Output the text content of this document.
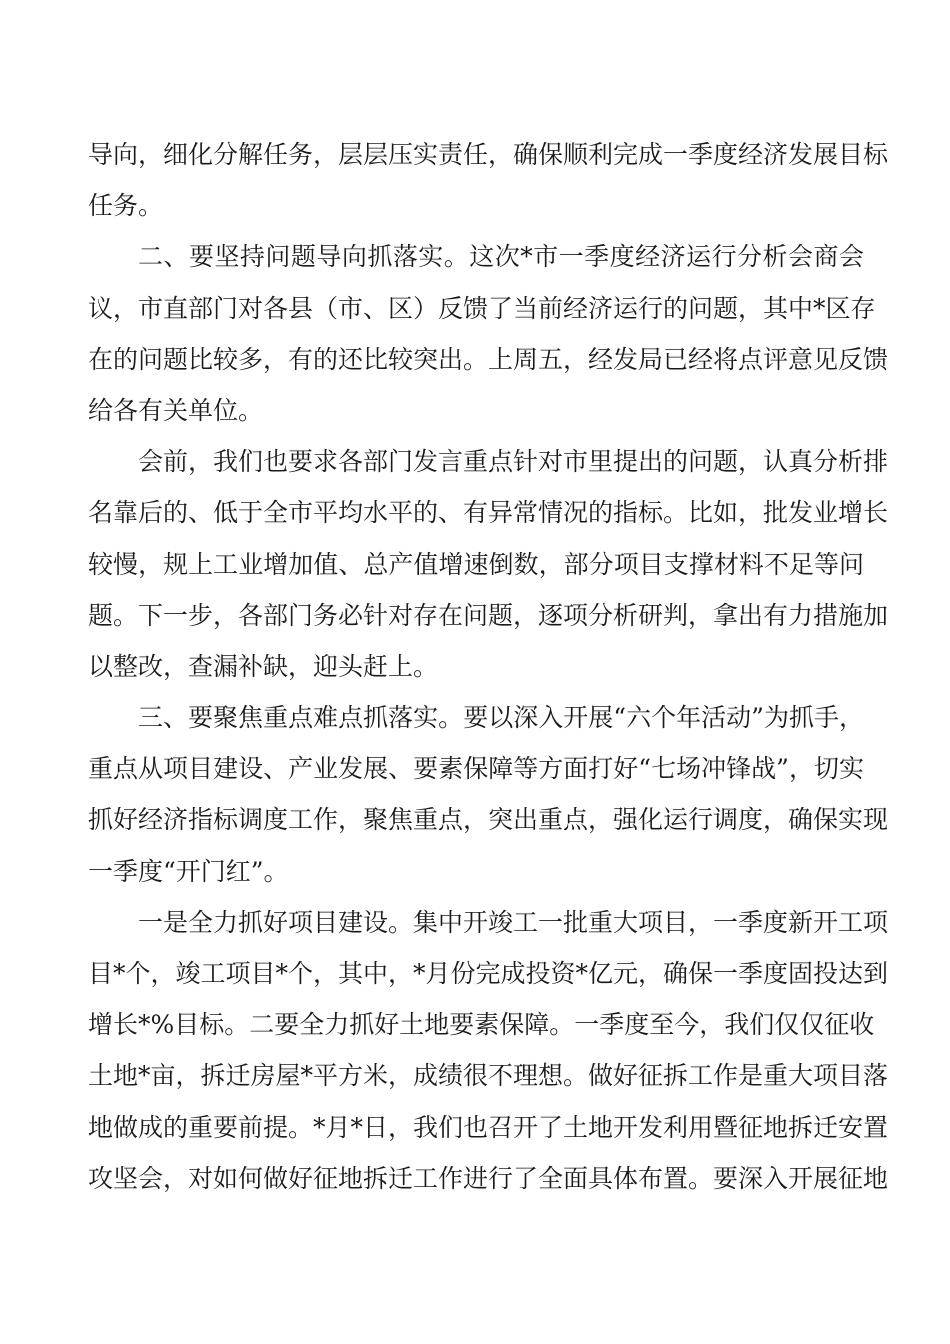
导向，细化分解任务，层层压实责任，确保顺利完成一季度经济发展目标
任务。
二、要坚持问题导向抓落实。这次*市一季度经济运行分析会商会
议，市直部门对各县（市、区）反馈了当前经济运行的问题，其中*区存
在的问题比较多，有的还比较突出。上周五，经发局已经将点评意见反馈
给各有关单位。
会前，我们也要求各部门发言重点针对市里提出的问题，认真分析排
名靠后的、低于全市平均水平的、有异常情况的指标。比如，批发业增长
较慢，规上工业增加值、总产值增速倒数，部分项目支撑材料不足等问
题。下一步，各部门务必针对存在问题，逐项分析研判，拿出有力措施加
以整改，查漏补缺，迎头赶上。
三、要聚焦重点难点抓落实。要以深入开展“六个年活动”为抓手，
重点从项目建设、产业发展、要素保障等方面打好“七场冲锋战”，切实
抓好经济指标调度工作，聚焦重点，突出重点，强化运行调度，确保实现
一季度“开门红”。
一是全力抓好项目建设。集中开竣工一批重大项目，一季度新开工项
目*个，竣工项目*个，其中，*月份完成投资*亿元，确保一季度固投达到
增长*%目标。二要全力抓好土地要素保障。一季度至今，我们仅仅征收
土地*亩，拆迁房屋*平方米，成绩很不理想。做好征拆工作是重大项目落
地做成的重要前提。*月*日，我们也召开了土地开发利用暨征地拆迁安置
攻坚会，对如何做好征地拆迁工作进行了全面具体布置。要深入开展征地
